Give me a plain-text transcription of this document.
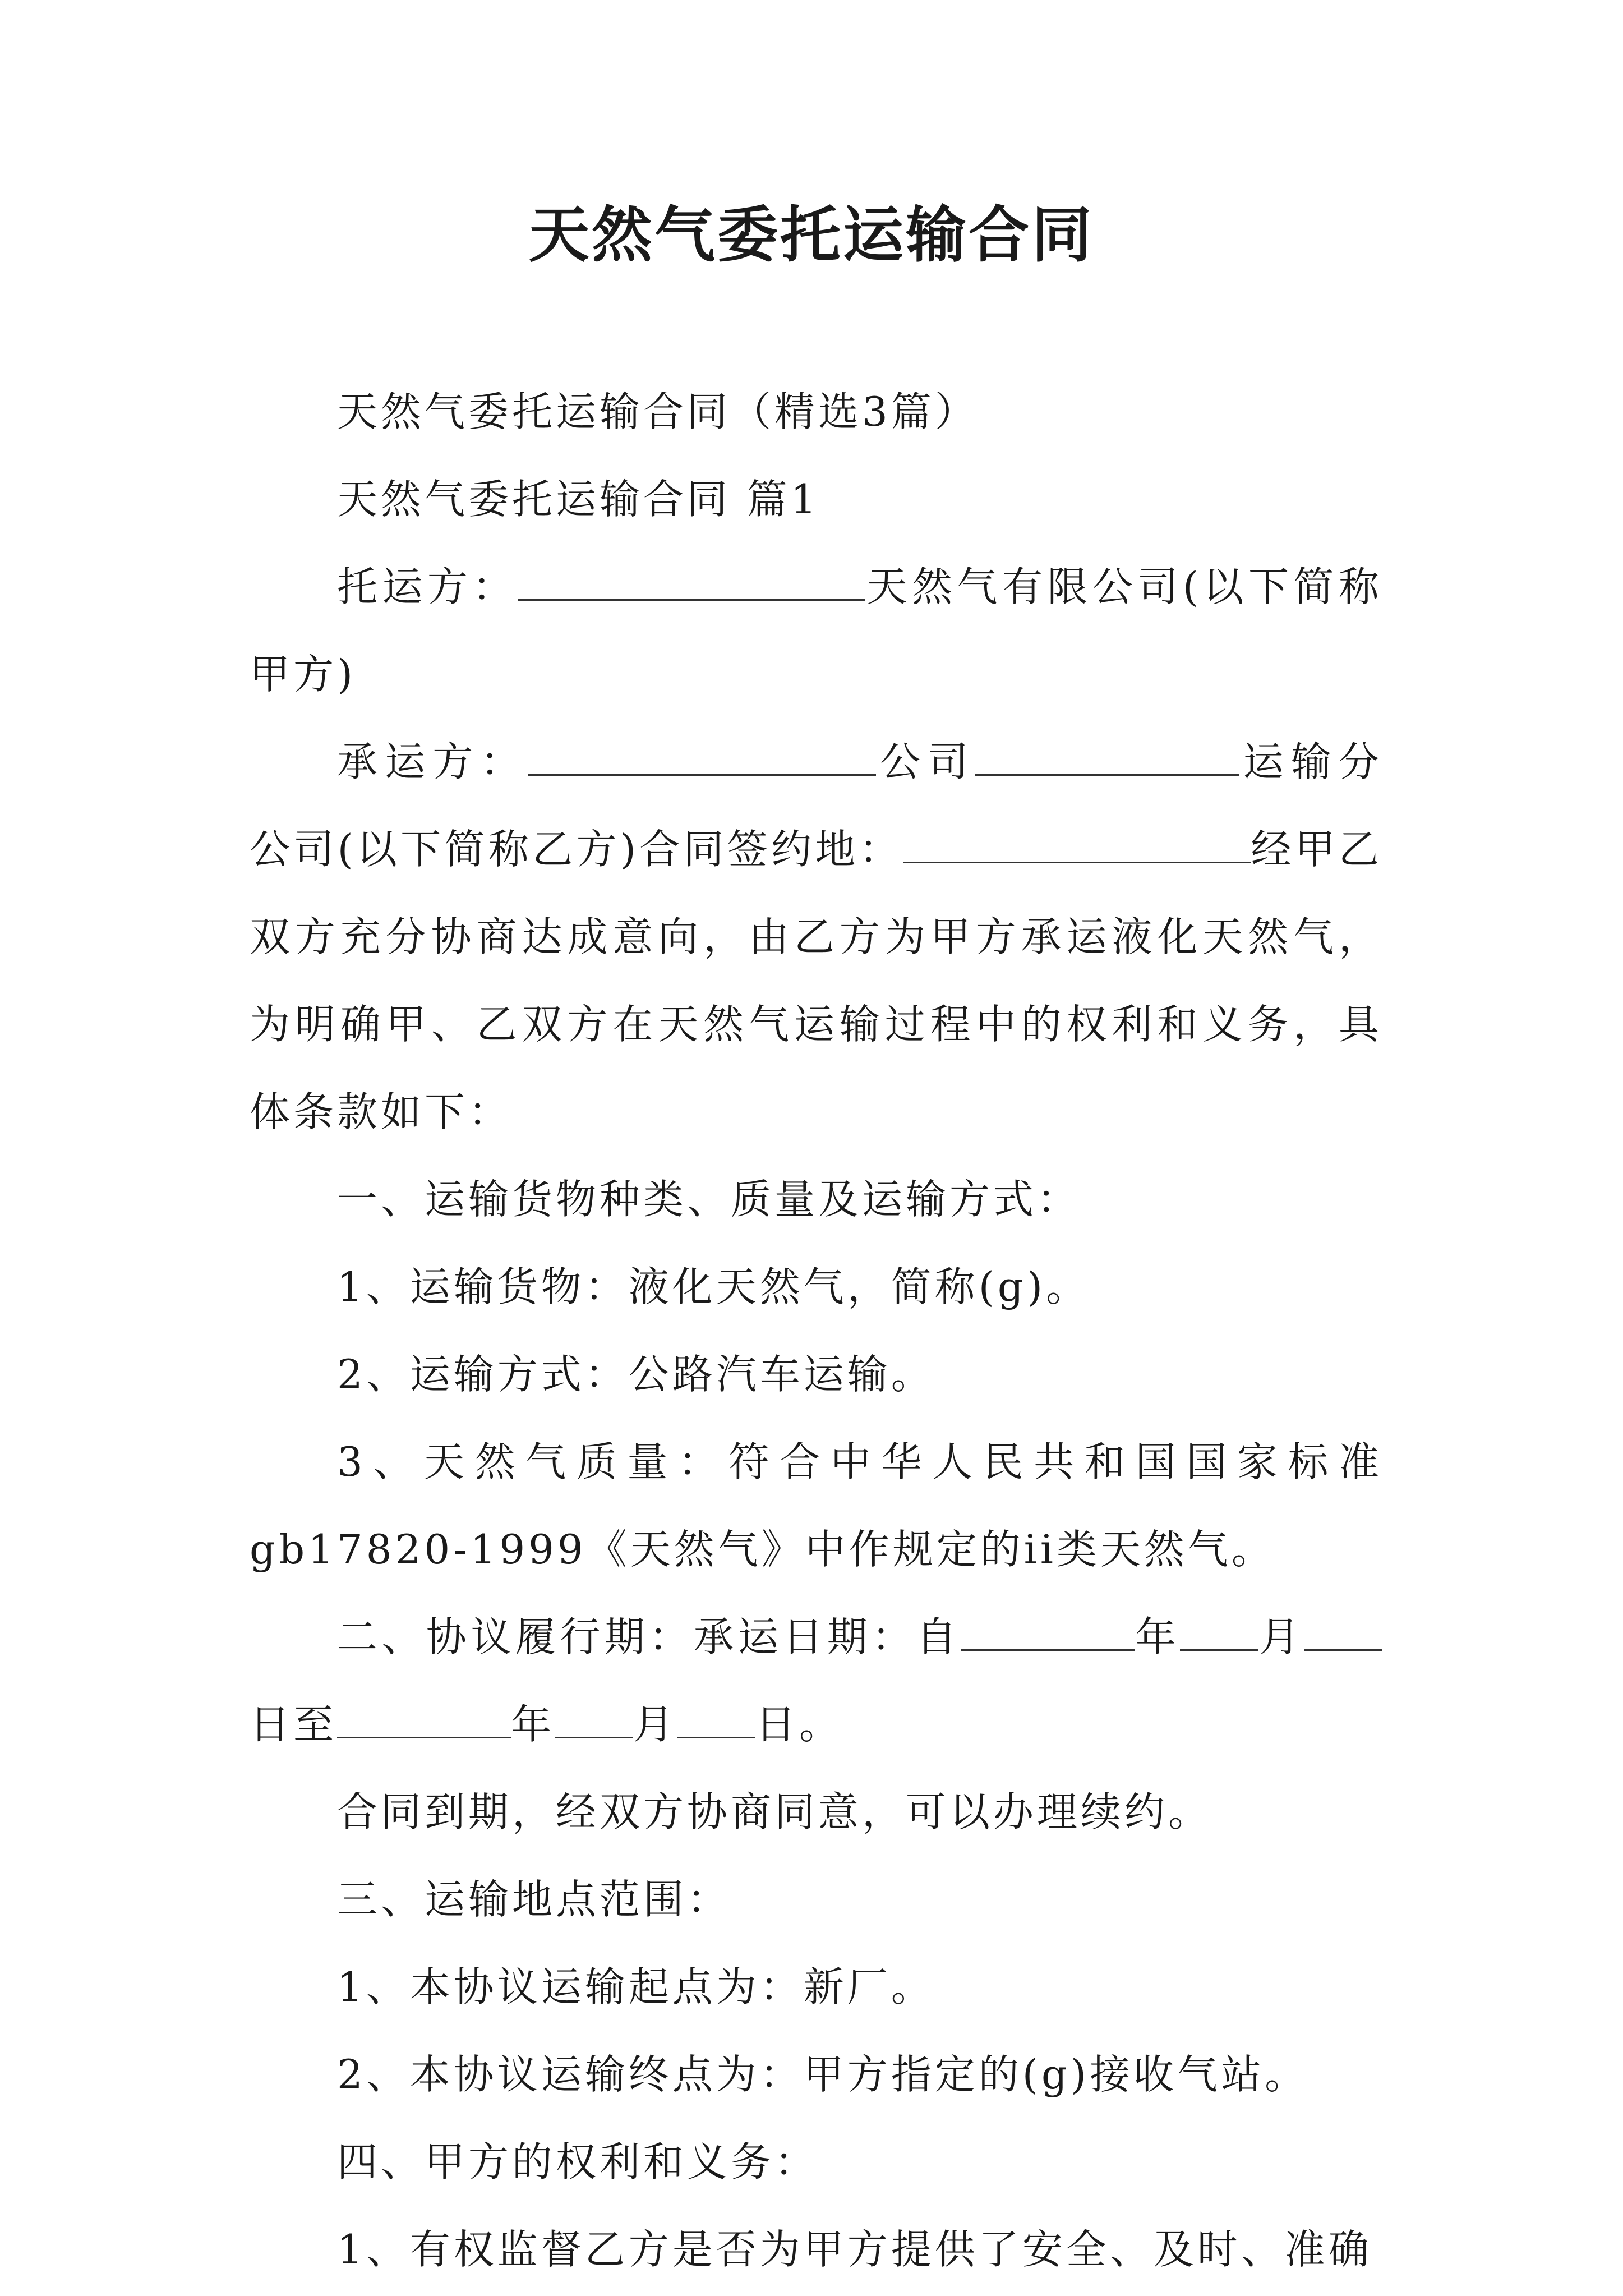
天然气委托运输合同

天然气委托运输合同（精选3篇）

天然气委托运输合同 篇1

托运方：	天然气有限公司(以下简称甲方)

承运方：	公司	运输分公司(以下简称乙方)合同签约地：	经甲乙双方充分协商达成意向，由乙方为甲方承运液化天然气，为明确甲、乙双方在天然气运输过程中的权利和义务，具体条款如下：

一、运输货物种类、质量及运输方式：

1、运输货物：液化天然气，简称(g)。

2、运输方式：公路汽车运输。

3、天然气质量：符合中华人民共和国国家标准gb17820-1999《天然气》中作规定的ii类天然气。

二、协议履行期：承运日期：自	年 月日至	年 月 日。

合同到期，经双方协商同意，可以办理续约。

三、运输地点范围：

1、本协议运输起点为：新厂。

2、本协议运输终点为：甲方指定的(g)接收气站。

四、甲方的权利和义务：

1、有权监督乙方是否为甲方提供了安全、及时、准确
